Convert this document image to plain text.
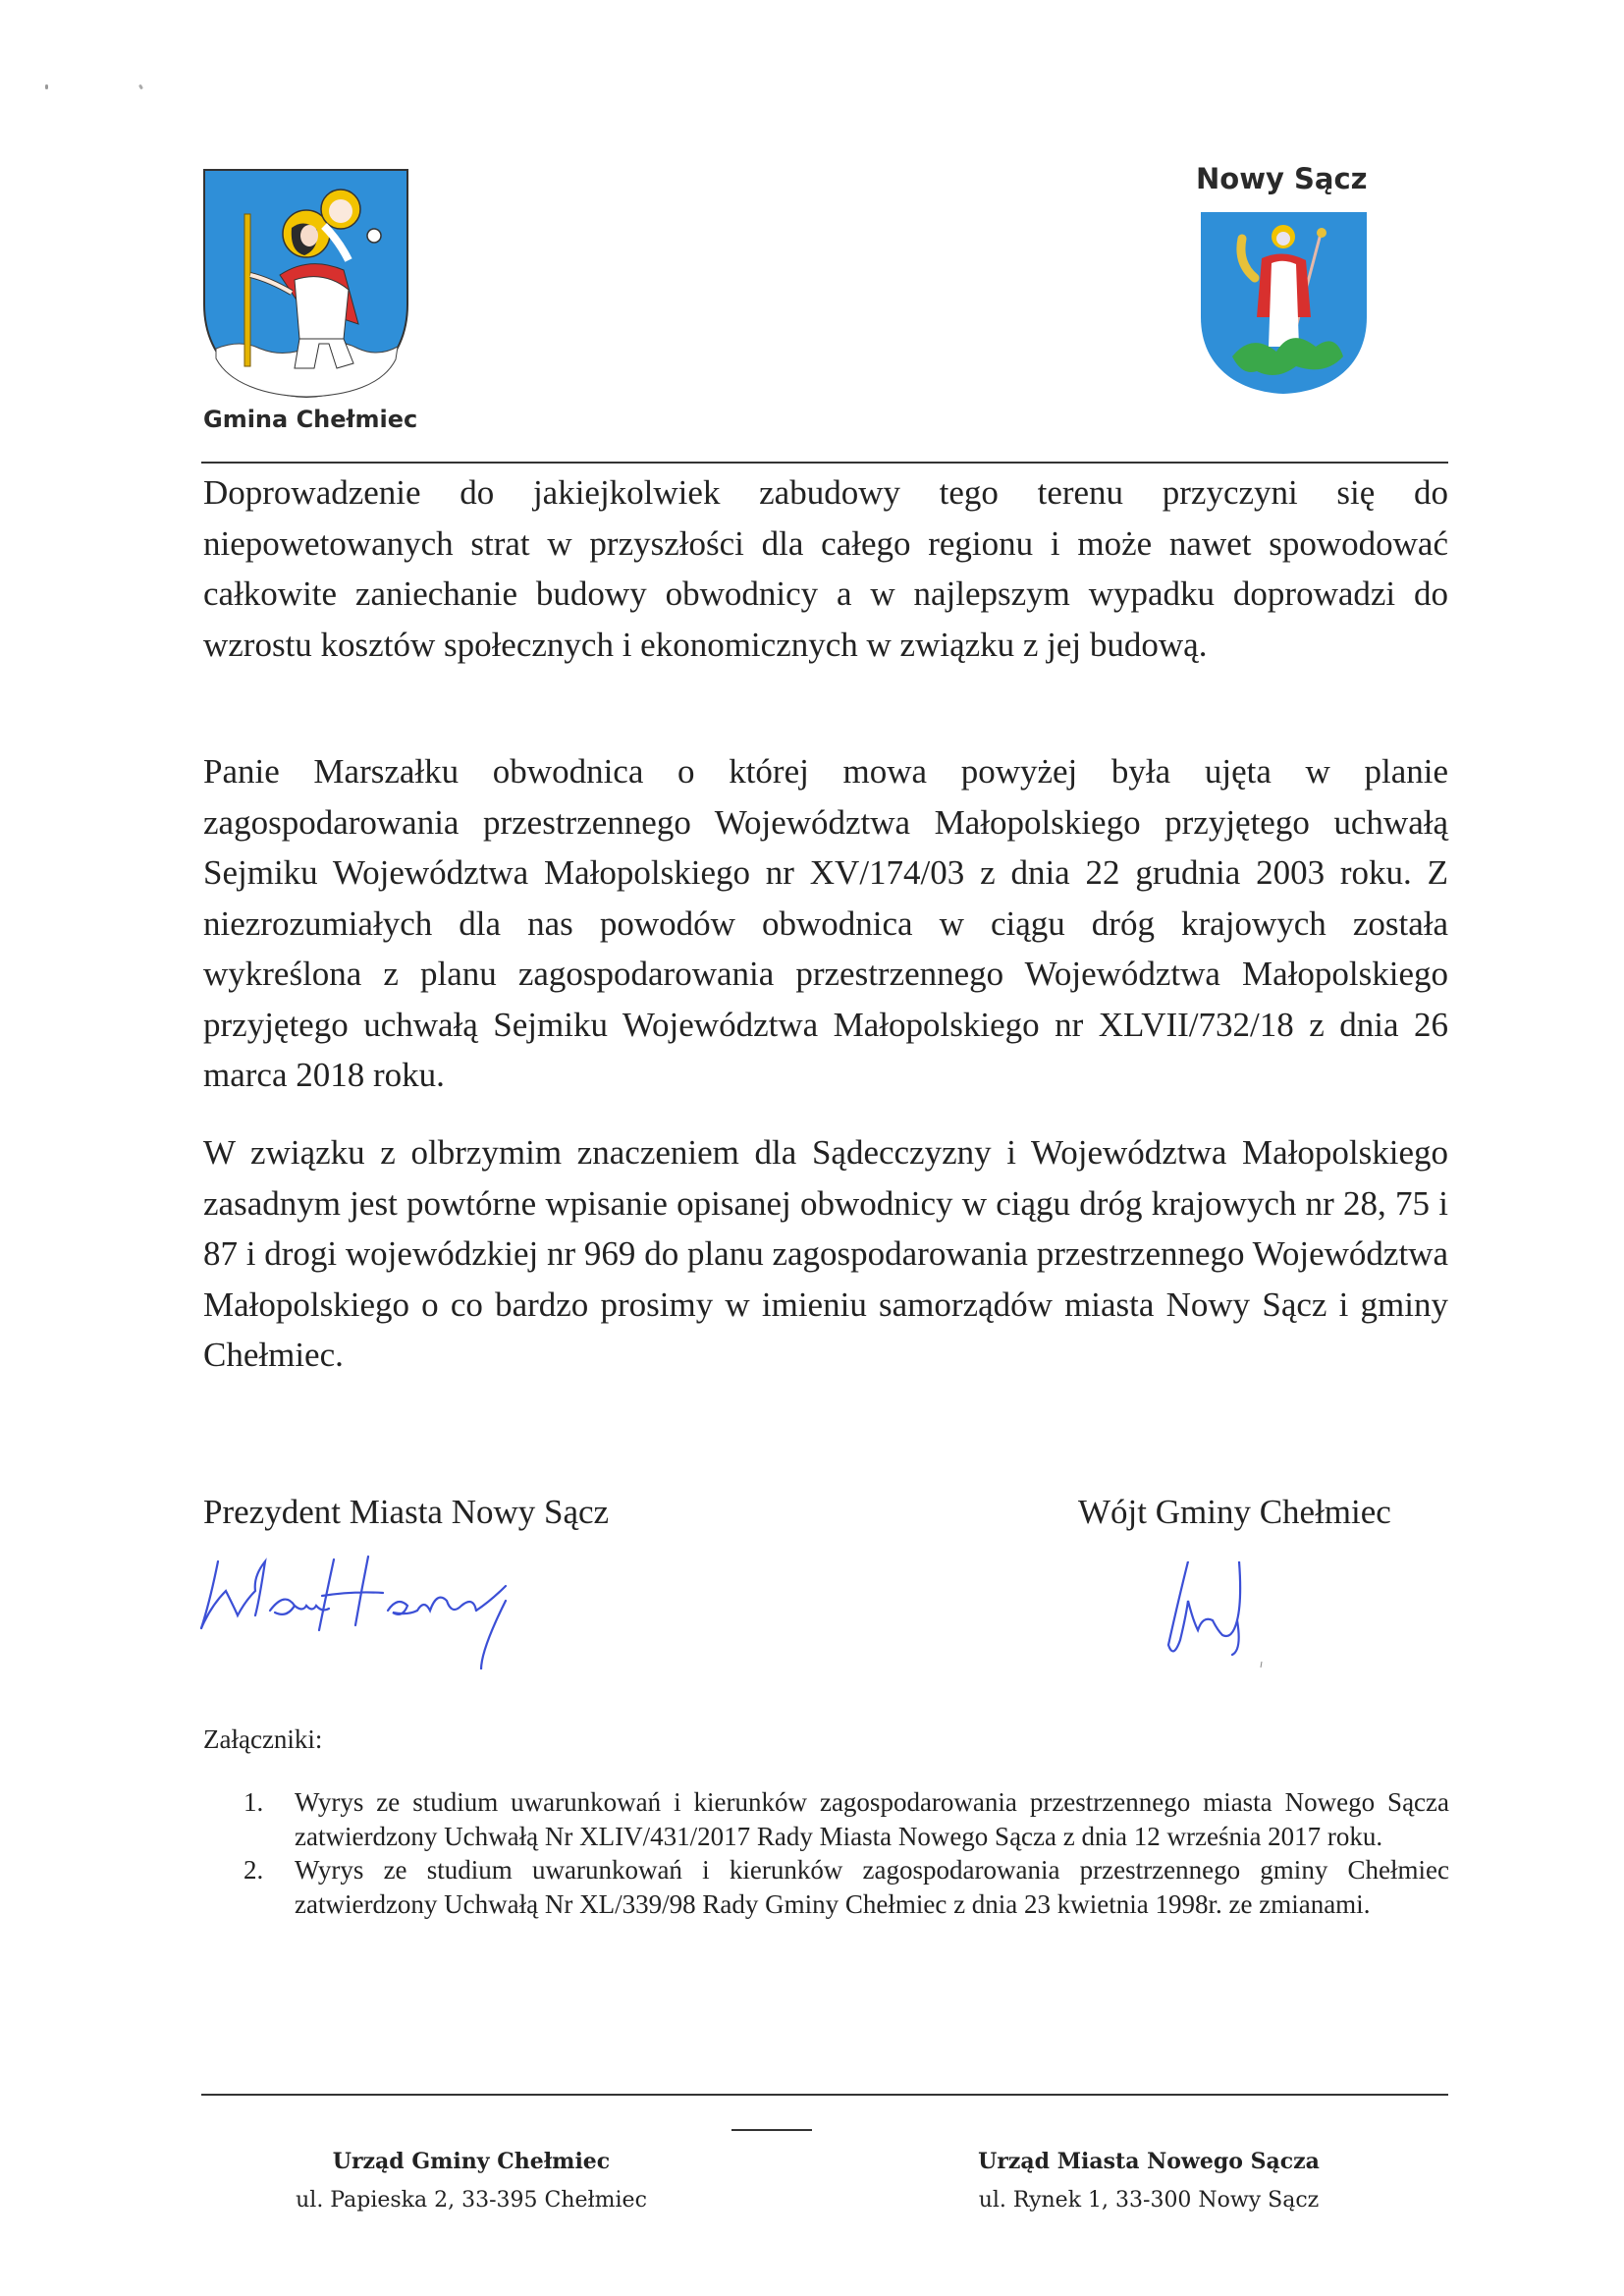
Gmina Chełmiec
Nowy Sącz

Doprowadzenie do jakiejkolwiek zabudowy tego terenu przyczyni się do niepowetowanych strat w przyszłości dla całego regionu i może nawet spowodować całkowite zaniechanie budowy obwodnicy a w najlepszym wypadku doprowadzi do wzrostu kosztów społecznych i ekonomicznych w związku z jej budową.

Panie Marszałku obwodnica o której mowa powyżej była ujęta w planie zagospodarowania przestrzennego Województwa Małopolskiego przyjętego uchwałą Sejmiku Województwa Małopolskiego nr XV/174/03 z dnia 22 grudnia 2003 roku. Z niezrozumiałych dla nas powodów obwodnica w ciągu dróg krajowych została wykreślona z planu zagospodarowania przestrzennego Województwa Małopolskiego przyjętego uchwałą Sejmiku Województwa Małopolskiego nr XLVII/732/18 z dnia 26 marca 2018 roku.

W związku z olbrzymim znaczeniem dla Sądecczyzny i Województwa Małopolskiego zasadnym jest powtórne wpisanie opisanej obwodnicy w ciągu dróg krajowych nr 28, 75 i 87 i drogi wojewódzkiej nr 969 do planu zagospodarowania przestrzennego Województwa Małopolskiego o co bardzo prosimy w imieniu samorządów miasta Nowy Sącz i gminy Chełmiec.

Prezydent Miasta Nowy Sącz	Wójt Gminy Chełmiec
Załączniki:
1. Wyrys ze studium uwarunkowań i kierunków zagospodarowania przestrzennego miasta Nowego Sącza zatwierdzony Uchwałą Nr XLIV/431/2017 Rady Miasta Nowego Sącza z dnia 12 września 2017 roku.
2. Wyrys ze studium uwarunkowań i kierunków zagospodarowania przestrzennego gminy Chełmiec zatwierdzony Uchwałą Nr XL/339/98 Rady Gminy Chełmiec z dnia 23 kwietnia 1998r. ze zmianami.
Urząd Gminy Chełmiec
ul. Papieska 2, 33-395 Chełmiec
Urząd Miasta Nowego Sącza
ul. Rynek 1, 33-300 Nowy Sącz
